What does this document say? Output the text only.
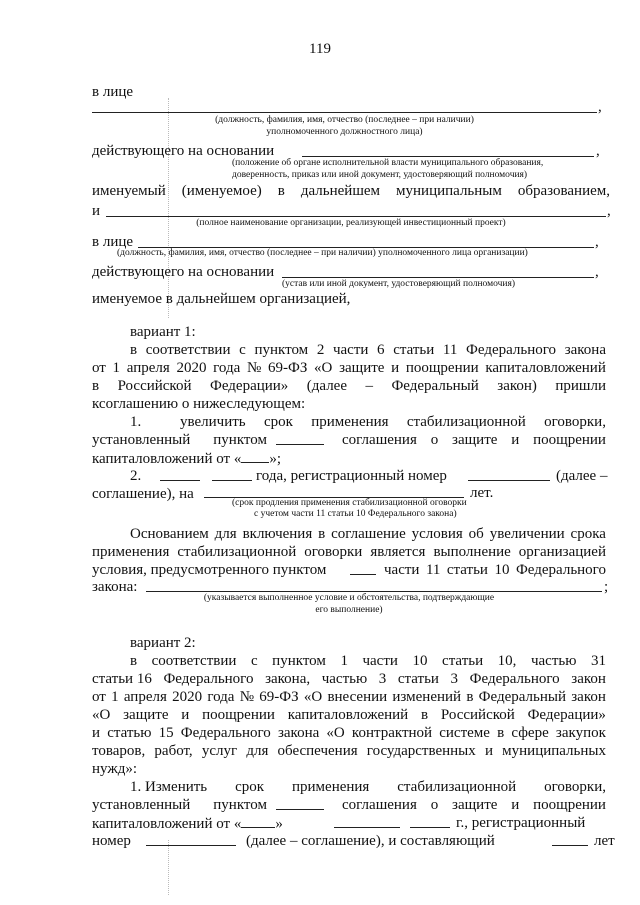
119
в лице
,
(должность, фамилия, имя, отчество (последнее – при наличии)
уполномоченного должностного лица)
действующего на основании	,
(положение об органе исполнительной власти муниципального образования,
доверенность, приказ или иной документ, удостоверяющий полномочия)
именуемый (именуемое) в дальнейшем муниципальным образованием,
и	,
(полное наименование организации, реализующей инвестиционный проект)
в лице	,
(должность, фамилия, имя, отчество (последнее – при наличии) уполномоченного лица организации)
действующего на основании	,
(устав или иной документ, удостоверяющий полномочия)
именуемое в дальнейшем организацией,
вариант 1:
в соответствии с пунктом 2 части 6 статьи 11 Федерального закона
от 1 апреля 2020 года № 69-ФЗ «О защите и поощрении капиталовложений
в Российской Федерации» (далее – Федеральный закон) пришли
ксоглашению о нижеследующем:
1.	увеличить срок применения стабилизационной оговорки,
установленный пунктом	соглашения о защите и поощрении
капиталовложений от « »;
2.	года, регистрационный номер	(далее –
соглашение), на	лет.
(срок продления применения стабилизационной оговорки
с учетом части 11 статьи 10 Федерального закона)
Основанием для включения в соглашение условия об увеличении срока
применения стабилизационной оговорки является выполнение организацией
условия, предусмотренного пунктом	части 11 статьи 10 Федерального
закона:	;
(указывается выполненное условие и обстоятельства, подтверждающие
его выполнение)
вариант 2:
в соответствии с пунктом 1 части 10 статьи 10, частью 31
статьи 16 Федерального закона, частью 3 статьи 3 Федерального закон
от 1 апреля 2020 года № 69-ФЗ «О внесении изменений в Федеральный закон
«О защите и поощрении капиталовложений в Российской Федерации»
и статью 15 Федерального закона «О контрактной системе в сфере закупок
товаров, работ, услуг для обеспечения государственных и муниципальных
нужд»:
1. Изменить срок применения стабилизационной оговорки,
установленный пунктом	соглашения о защите и поощрении
капиталовложений от « »	г., регистрационный
номер	(далее – соглашение), и составляющий	лет
